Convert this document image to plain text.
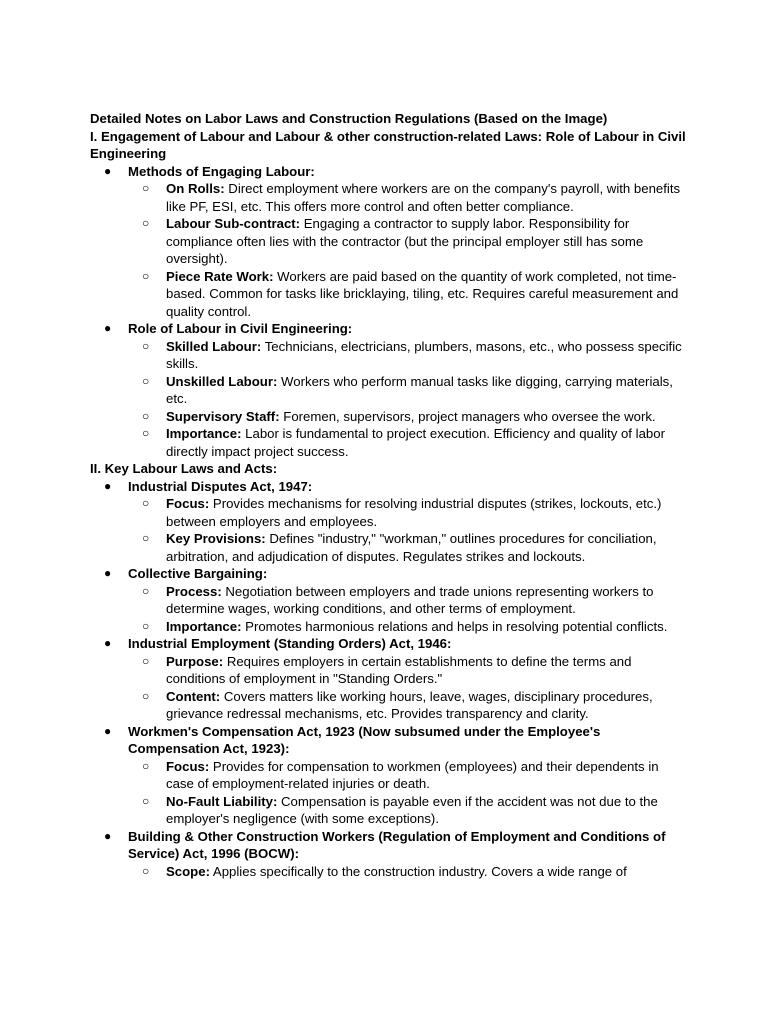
Detailed Notes on Labor Laws and Construction Regulations (Based on the Image)

I. Engagement of Labour and Labour & other construction-related Laws: Role of Labour in Civil Engineering

● Methods of Engaging Labour:
○ On Rolls: Direct employment where workers are on the company's payroll, with benefits like PF, ESI, etc. This offers more control and often better compliance.
○ Labour Sub-contract: Engaging a contractor to supply labor. Responsibility for compliance often lies with the contractor (but the principal employer still has some oversight).
○ Piece Rate Work: Workers are paid based on the quantity of work completed, not time-based. Common for tasks like bricklaying, tiling, etc. Requires careful measurement and quality control.
● Role of Labour in Civil Engineering:
○ Skilled Labour: Technicians, electricians, plumbers, masons, etc., who possess specific skills.
○ Unskilled Labour: Workers who perform manual tasks like digging, carrying materials, etc.
○ Supervisory Staff: Foremen, supervisors, project managers who oversee the work.
○ Importance: Labor is fundamental to project execution. Efficiency and quality of labor directly impact project success.

II. Key Labour Laws and Acts:

● Industrial Disputes Act, 1947:
○ Focus: Provides mechanisms for resolving industrial disputes (strikes, lockouts, etc.) between employers and employees.
○ Key Provisions: Defines "industry," "workman," outlines procedures for conciliation, arbitration, and adjudication of disputes. Regulates strikes and lockouts.
● Collective Bargaining:
○ Process: Negotiation between employers and trade unions representing workers to determine wages, working conditions, and other terms of employment.
○ Importance: Promotes harmonious relations and helps in resolving potential conflicts.
● Industrial Employment (Standing Orders) Act, 1946:
○ Purpose: Requires employers in certain establishments to define the terms and conditions of employment in "Standing Orders."
○ Content: Covers matters like working hours, leave, wages, disciplinary procedures, grievance redressal mechanisms, etc. Provides transparency and clarity.
● Workmen's Compensation Act, 1923 (Now subsumed under the Employee's Compensation Act, 1923):
○ Focus: Provides for compensation to workmen (employees) and their dependents in case of employment-related injuries or death.
○ No-Fault Liability: Compensation is payable even if the accident was not due to the employer's negligence (with some exceptions).
● Building & Other Construction Workers (Regulation of Employment and Conditions of Service) Act, 1996 (BOCW):
○ Scope: Applies specifically to the construction industry. Covers a wide range of
